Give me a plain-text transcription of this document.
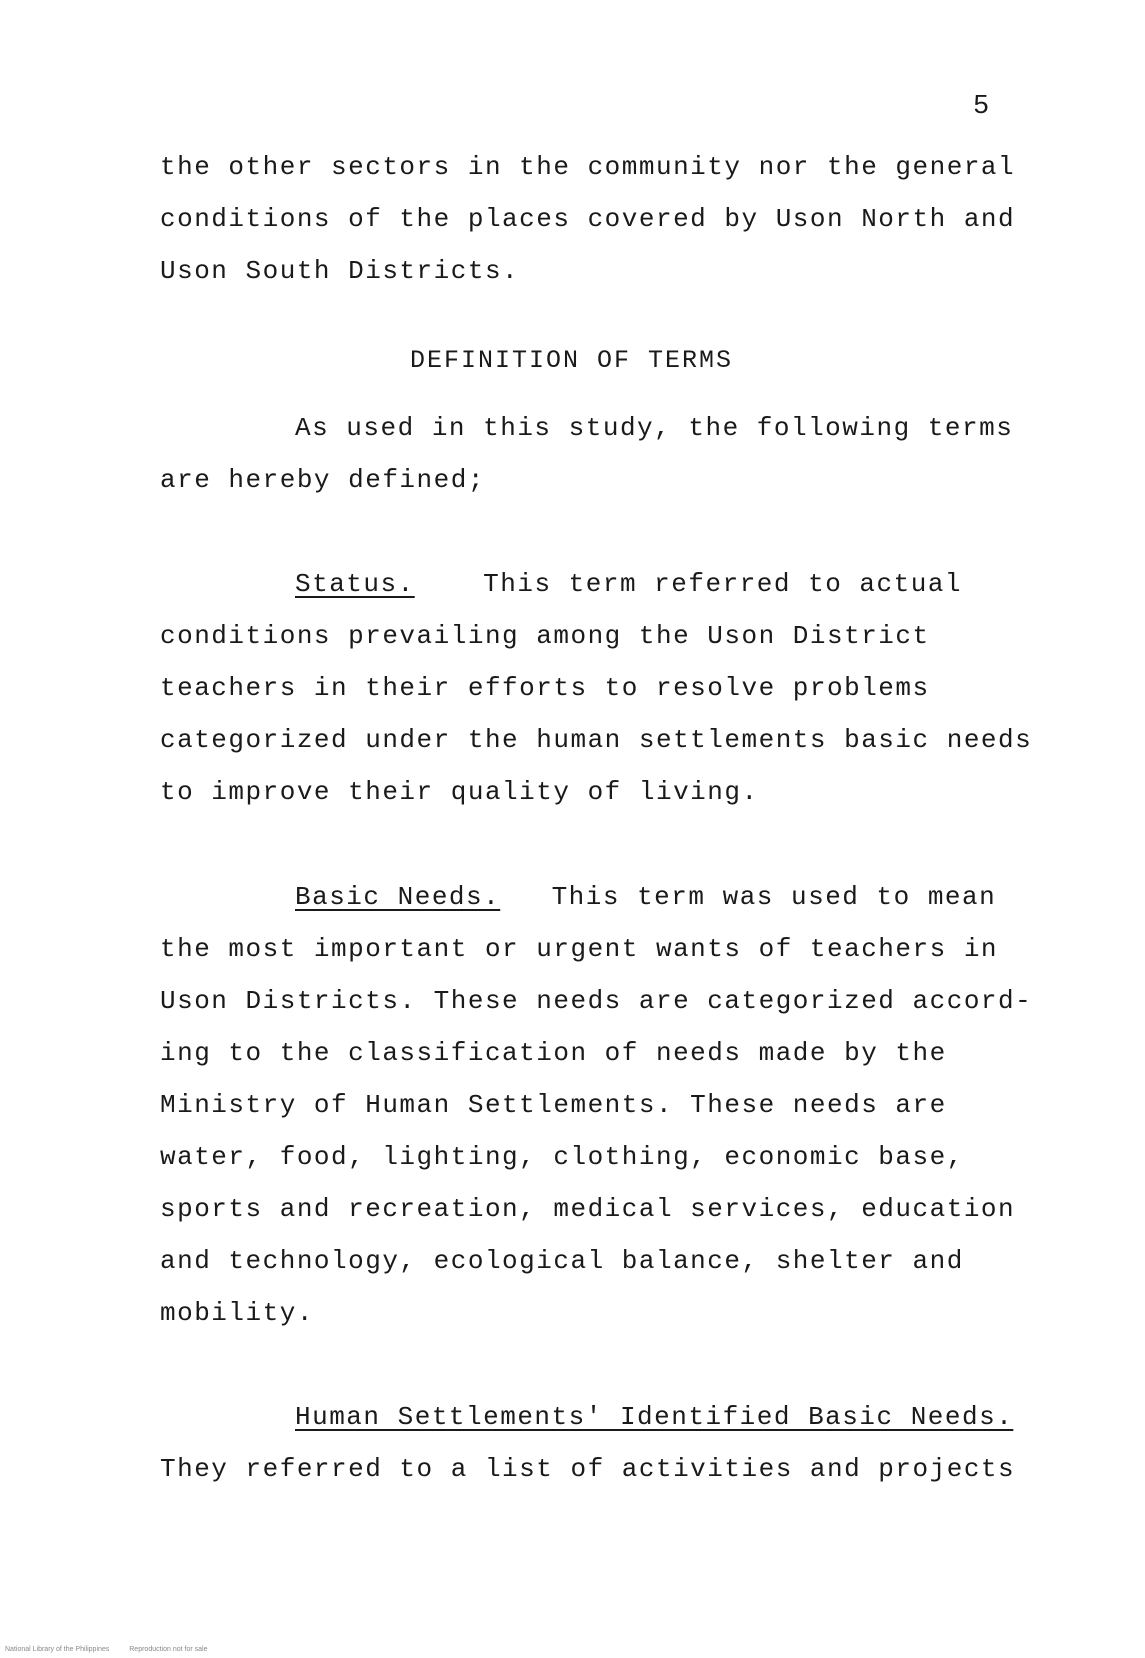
5
the other sectors in the community nor the general
conditions of the places covered by Uson North and
Uson South Districts.
DEFINITION OF TERMS
As used in this study, the following terms
are hereby defined;
Status.	This term referred to actual
conditions prevailing among the Uson District
teachers in their efforts to resolve problems
categorized under the human settlements basic needs
to improve their quality of living.
Basic Needs. This term was used to mean
the most important or urgent wants of teachers in
Uson Districts. These needs are categorized accord-
ing to the classification of needs made by the
Ministry of Human Settlements. These needs are
water, food, lighting, clothing, economic base,
sports and recreation, medical services, education
and technology, ecological balance, shelter and
mobility.
Human Settlements' Identified Basic Needs.
They referred to a list of activities and projects
National Library of the Philippines	Reproduction not for sale
